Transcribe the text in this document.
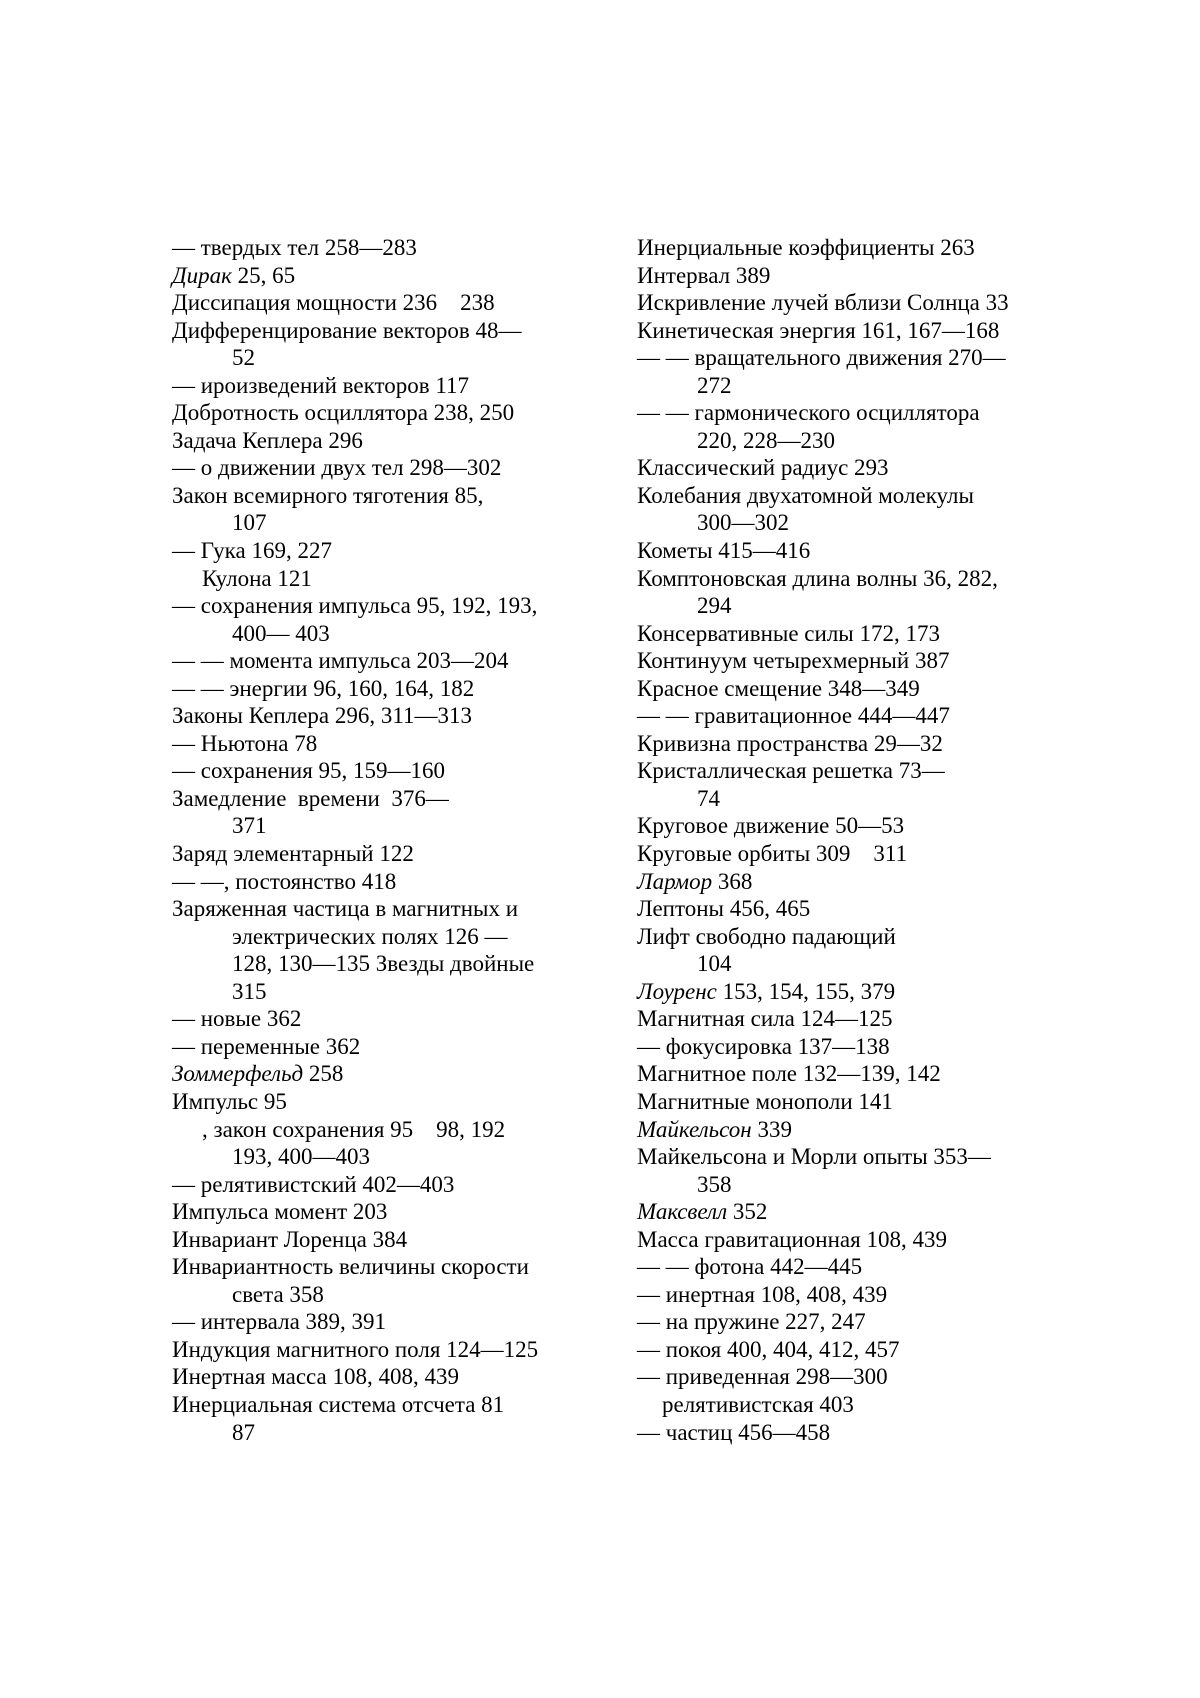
— твердых тел 258—283
Дирак 25, 65
Диссипация мощности 236    238
Дифференцирование векторов 48—
52
— ироизведений векторов 117
Добротность осциллятора 238, 250
Задача Кеплера 296
— о движении двух тел 298—302
Закон всемирного тяготения 85,
107
— Гука 169, 227
Кулона 121
— сохранения импульса 95, 192, 193,
400— 403
— — момента импульса 203—204
— — энергии 96, 160, 164, 182
Законы Кеплера 296, 311—313
— Ньютона 78
— сохранения 95, 159—160
Замедление  времени  376—
371
Заряд элементарный 122
— —, постоянство 418
Заряженная частица в магнитных и
электрических полях 126 —
128, 130—135 Звезды двойные
315
— новые 362
— переменные 362
Зоммерфельд 258
Импульс 95
, закон сохранения 95    98, 192
193, 400—403
— релятивистский 402—403
Импульса момент 203
Инвариант Лоренца 384
Инвариантность величины скорости
света 358
— интервала 389, 391
Индукция магнитного поля 124—125
Инертная масса 108, 408, 439
Инерциальная система отсчета 81
87
Инерциальные коэффициенты 263
Интервал 389
Искривление лучей вблизи Солнца 33
Кинетическая энергия 161, 167—168
— — вращательного движения 270—
272
— — гармонического осциллятора
220, 228—230
Классический радиус 293
Колебания двухатомной молекулы
300—302
Кометы 415—416
Комптоновская длина волны 36, 282,
294
Консервативные силы 172, 173
Континуум четырехмерный 387
Красное смещение 348—349
— — гравитационное 444—447
Кривизна пространства 29—32
Кристаллическая решетка 73—
74
Круговое движение 50—53
Круговые орбиты 309    311
Лармор 368
Лептоны 456, 465
Лифт свободно падающий
104
Лоуренс 153, 154, 155, 379
Магнитная сила 124—125
— фокусировка 137—138
Магнитное поле 132—139, 142
Магнитные монополи 141
Майкельсон 339
Майкельсона и Морли опыты 353—
358
Максвелл 352
Масса гравитационная 108, 439
— — фотона 442—445
— инертная 108, 408, 439
— на пружине 227, 247
— покоя 400, 404, 412, 457
— приведенная 298—300
релятивистская 403
— частиц 456—458
